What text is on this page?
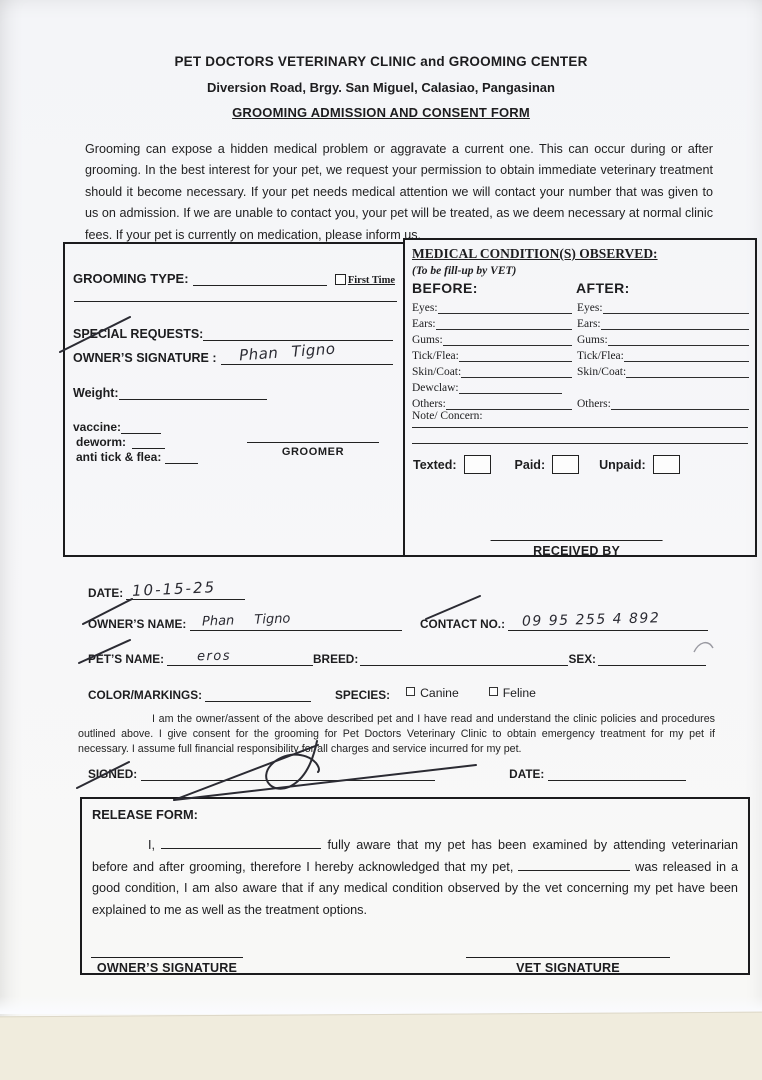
PET DOCTORS VETERINARY CLINIC and GROOMING CENTER
Diversion Road, Brgy. San Miguel, Calasiao, Pangasinan
GROOMING ADMISSION AND CONSENT FORM

Grooming can expose a hidden medical problem or aggravate a current one. This can occur during or after grooming. In the best interest for your pet, we request your permission to obtain immediate veterinary treatment should it become necessary. If your pet needs medical attention we will contact your number that was given to us on admission. If we are unable to contact you, your pet will be treated, as we deem necessary at normal clinic fees. If your pet is currently on medication, please inform us.

GROOMING TYPE:	First Time
SPECIAL REQUESTS:
OWNER’S SIGNATURE : Phan Tigno
Weight:
vaccine:
deworm:
anti tick & flea:	GROOMER
MEDICAL CONDITION(S) OBSERVED:
(To be fill-up by VET)
BEFORE:	AFTER:
Eyes:	Eyes:
Ears:	Ears:
Gums:	Gums:
Tick/Flea:	Tick/Flea:
Skin/Coat:	Skin/Coat:
Dewclaw:
Others:	Others:
Note/ Concern:
Texted :	Paid :	Unpaid :
RECEIVED BY
DATE: 10-15-25
OWNER’S NAME: Phan Tigno	CONTACT NO.: 09 95 255 4 892
PET’S NAME:	eros	BREED:	SEX:
COLOR/MARKINGS:	SPECIES:	Canine	Feline

I am the owner/assent of the above described pet and I have read and understand the clinic policies and procedures outlined above. I give consent for the grooming for Pet Doctors Veterinary Clinic to obtain emergency treatment for my pet if necessary. I assume full financial responsibility for all charges and service incurred for my pet.

SIGNED:	DATE:
RELEASE FORM:

I,	fully aware that my pet has been examined by attending veterinarian before and after grooming, therefore I hereby acknowledged that my pet,	was released in a good condition, I am also aware that if any medical condition observed by the vet concerning my pet have been explained to me as well as the treatment options.

OWNER’S SIGNATURE	VET SIGNATURE
